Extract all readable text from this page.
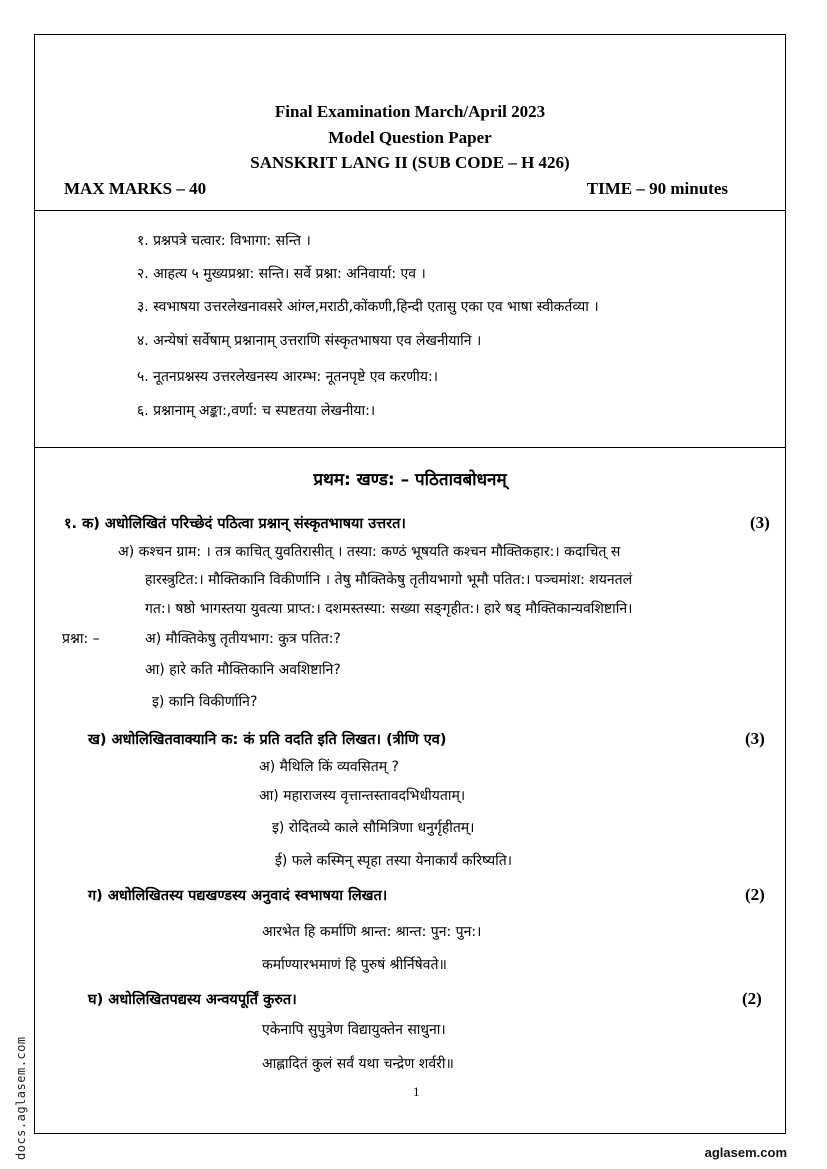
Final Examination March/April 2023
Model Question Paper
SANSKRIT LANG II (SUB CODE – H 426)
MAX MARKS – 40	TIME – 90 minutes
१. प्रश्नपत्रे चत्वार: विभागा: सन्ति ।
२. आहत्य ५ मुख्यप्रश्ना: सन्ति। सर्वे प्रश्ना: अनिवार्या: एव ।
३. स्वभाषया उत्तरलेखनावसरे आंग्ल,मराठी,कोंकणी,हिन्दी एतासु एका एव भाषा स्वीकर्तव्या ।
४. अन्येषां सर्वेषाम् प्रश्नानाम् उत्तराणि संस्कृतभाषया एव लेखनीयानि ।
५. नूतनप्रश्नस्य उत्तरलेखनस्य आरम्भ: नूतनपृष्टे एव करणीय:।
६. प्रश्नानाम् अङ्का:,वर्णा: च स्पष्टतया लेखनीया:।
प्रथम: खण्ड: – पठितावबोधनम्
१. क) अधोलिखितं परिच्छेदं पठित्वा प्रश्नान् संस्कृतभाषया उत्तरत।	(3)
अ) कश्चन ग्राम: । तत्र काचित् युवतिरासीत् । तस्या: कण्ठं भूषयति कश्चन मौक्तिकहार:। कदाचित् स
हारस्त्रुटित:। मौक्तिकानि विकीर्णानि । तेषु मौक्तिकेषु तृतीयभागो भूमौ पतित:। पञ्चमांश: शयनतलं
गत:। षष्ठो भागस्तया युवत्या प्राप्त:। दशमस्तस्या: सख्या सङ्गृहीत:। हारे षड् मौक्तिकान्यवशिष्टानि।
प्रश्ना: –	अ) मौक्तिकेषु तृतीयभाग: कुत्र पतित:?
आ) हारे कति मौक्तिकानि अवशिष्टानि?
इ) कानि विकीर्णानि?
ख) अधोलिखितवाक्यानि क: कं प्रति वदति इति लिखत। (त्रीणि एव)	(3)
अ) मैथिलि किं व्यवसितम् ?
आ) महाराजस्य वृत्तान्तस्तावदभिधीयताम्।
इ) रोदितव्ये काले सौमित्रिणा धनुर्गृहीतम्।
ई) फले कस्मिन् स्पृहा तस्या येनाकार्यं करिष्यति।
ग) अधोलिखितस्य पद्यखण्डस्य अनुवादं स्वभाषया लिखत।	(2)
आरभेत हि कर्माणि श्रान्त: श्रान्त: पुन: पुन:।
कर्माण्यारभमाणं हि पुरुषं श्रीर्निषेवते॥
घ) अधोलिखितपद्यस्य अन्वयपूर्तिं कुरुत।	(2)
एकेनापि सुपुत्रेण विद्यायुक्तेन साधुना।
आह्लादितं कुलं सर्वं यथा चन्द्रेण शर्वरी॥
1
docs.aglasem.com	aglasem.com
